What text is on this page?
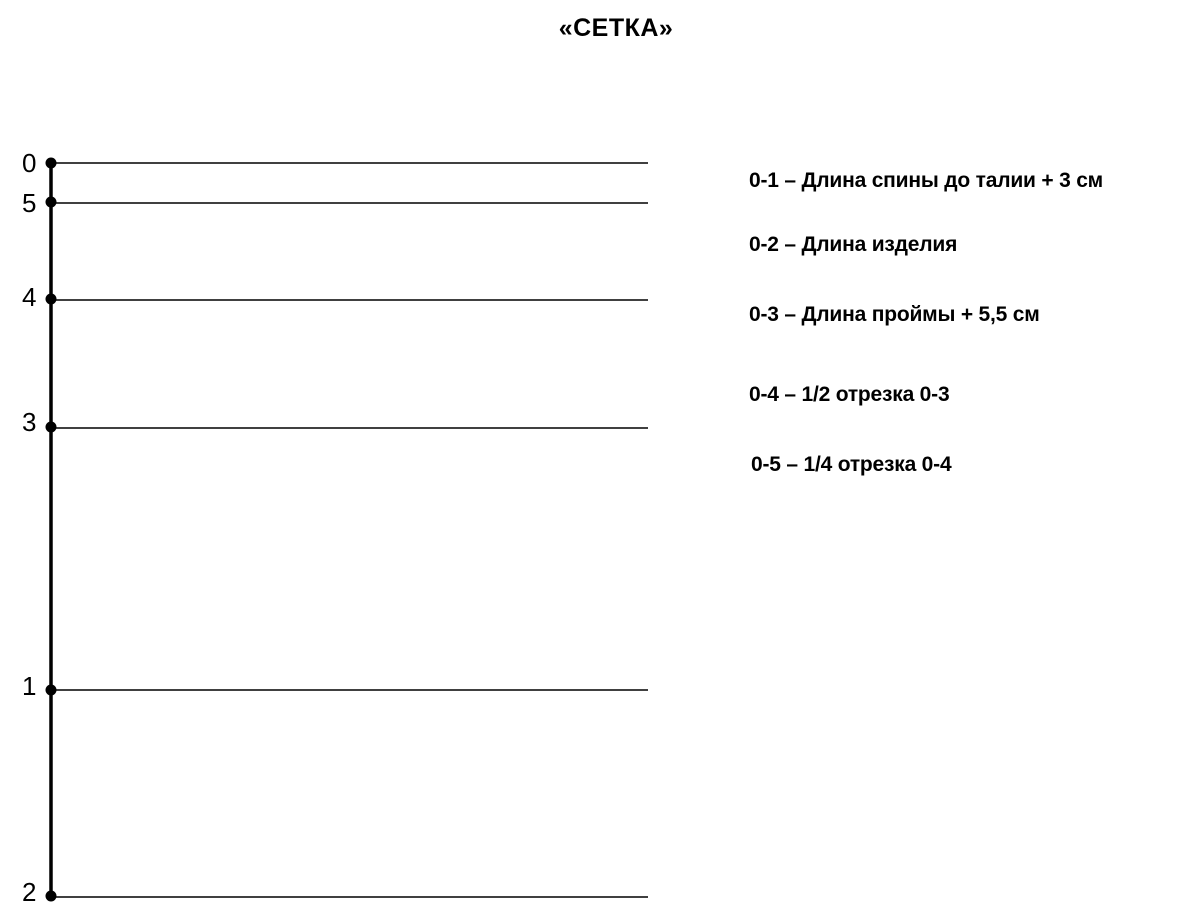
«СЕТКА»
0
5
4
3
1
2
0-1 – Длина спины до талии + 3 см
0-2 – Длина изделия
0-3 – Длина проймы + 5,5 см
0-4 – 1/2 отрезка 0-3
0-5 – 1/4 отрезка 0-4
